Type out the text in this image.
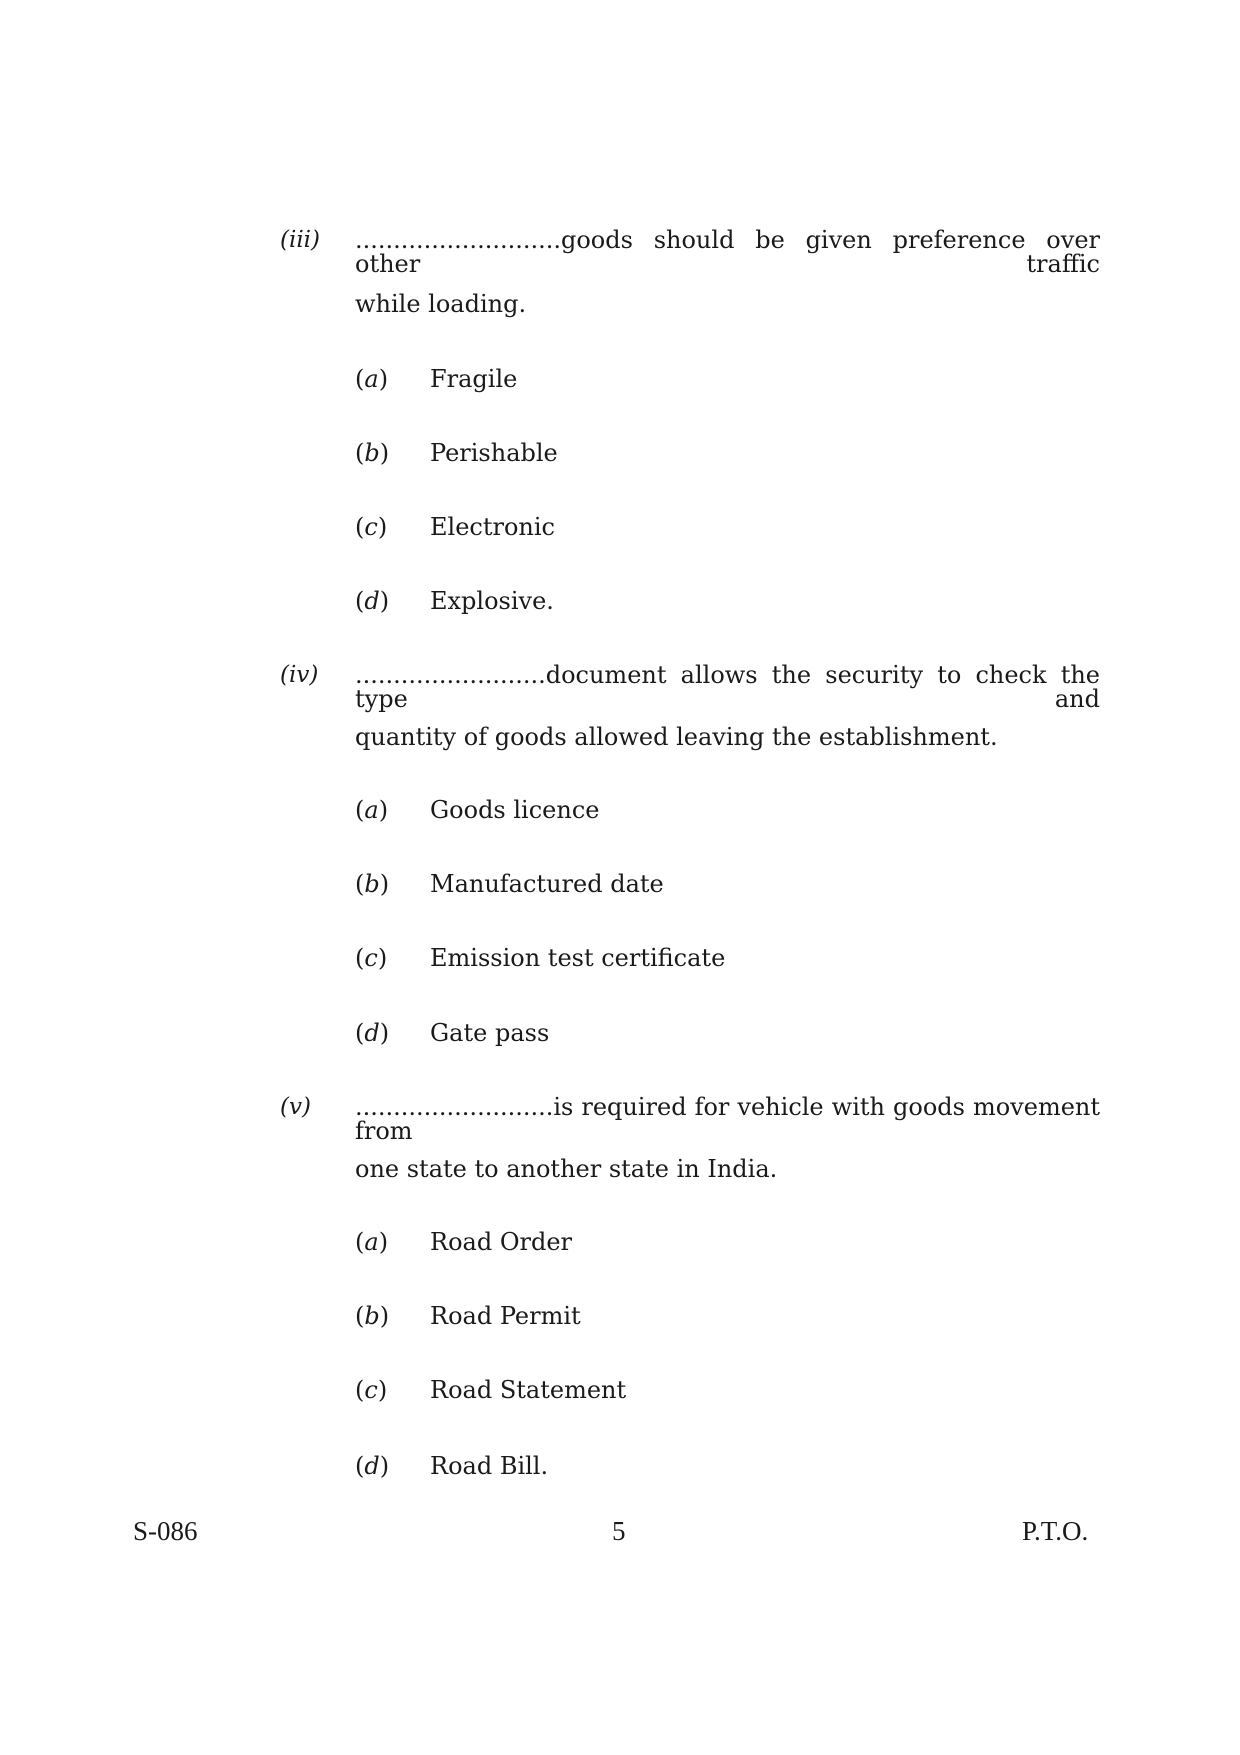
(iii) ...........................goods should be given preference over other traffic
while loading.
(a) Fragile
(b) Perishable
(c) Electronic
(d) Explosive.
(iv) .........................document allows the security to check the type and
quantity of goods allowed leaving the establishment.
(a) Goods licence
(b) Manufactured date
(c) Emission test certificate
(d) Gate pass
(v) ..........................is required for vehicle with goods movement from
one state to another state in India.
(a) Road Order
(b) Road Permit
(c) Road Statement
(d) Road Bill.
S-086	5	P.T.O.
